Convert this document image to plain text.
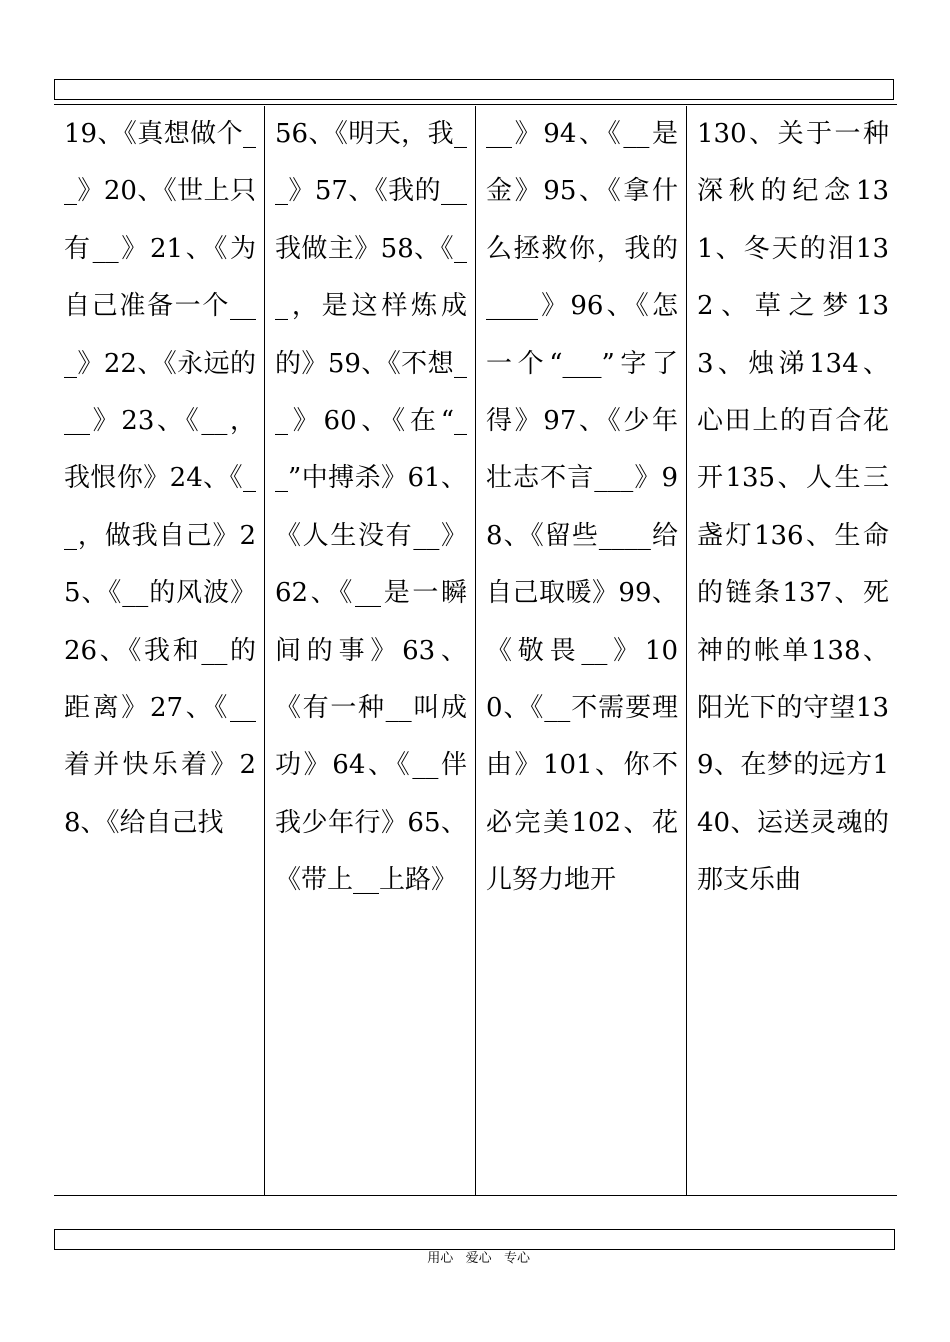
19、《真想做个__》20、《世上只有__》21、《为自己准备一个___》22、《永远的__》23、《__，我恨你》24、《__，做我自己》25、《__的风波》26、《我和__的距离》27、《__着并快乐着》28、《给自己找

56、《明天，我__》57、《我的__我做主》58、《__，是这样炼成的》59、《不想__》60、《在“__”中搏杀》61、《人生没有__》62、《__是一瞬间的事》63、《有一种__叫成功》64、《__伴我少年行》65、《带上__上路》

__》94、《__是金》95、《拿什么拯救你，我的____》96、《怎一个“___”字了得》97、《少年壮志不言___》98、《留些____给自己取暖》99、《敬畏__》100、《__不需要理由》101、你不必完美102、花儿努力地开

130、关于一种深秋的纪念131、冬天的泪132、草之梦133、烛涕134、心田上的百合花开135、人生三盏灯136、生命的链条137、死神的帐单138、阳光下的守望139、在梦的远方140、运送灵魂的那支乐曲

用心   爱心   专心
